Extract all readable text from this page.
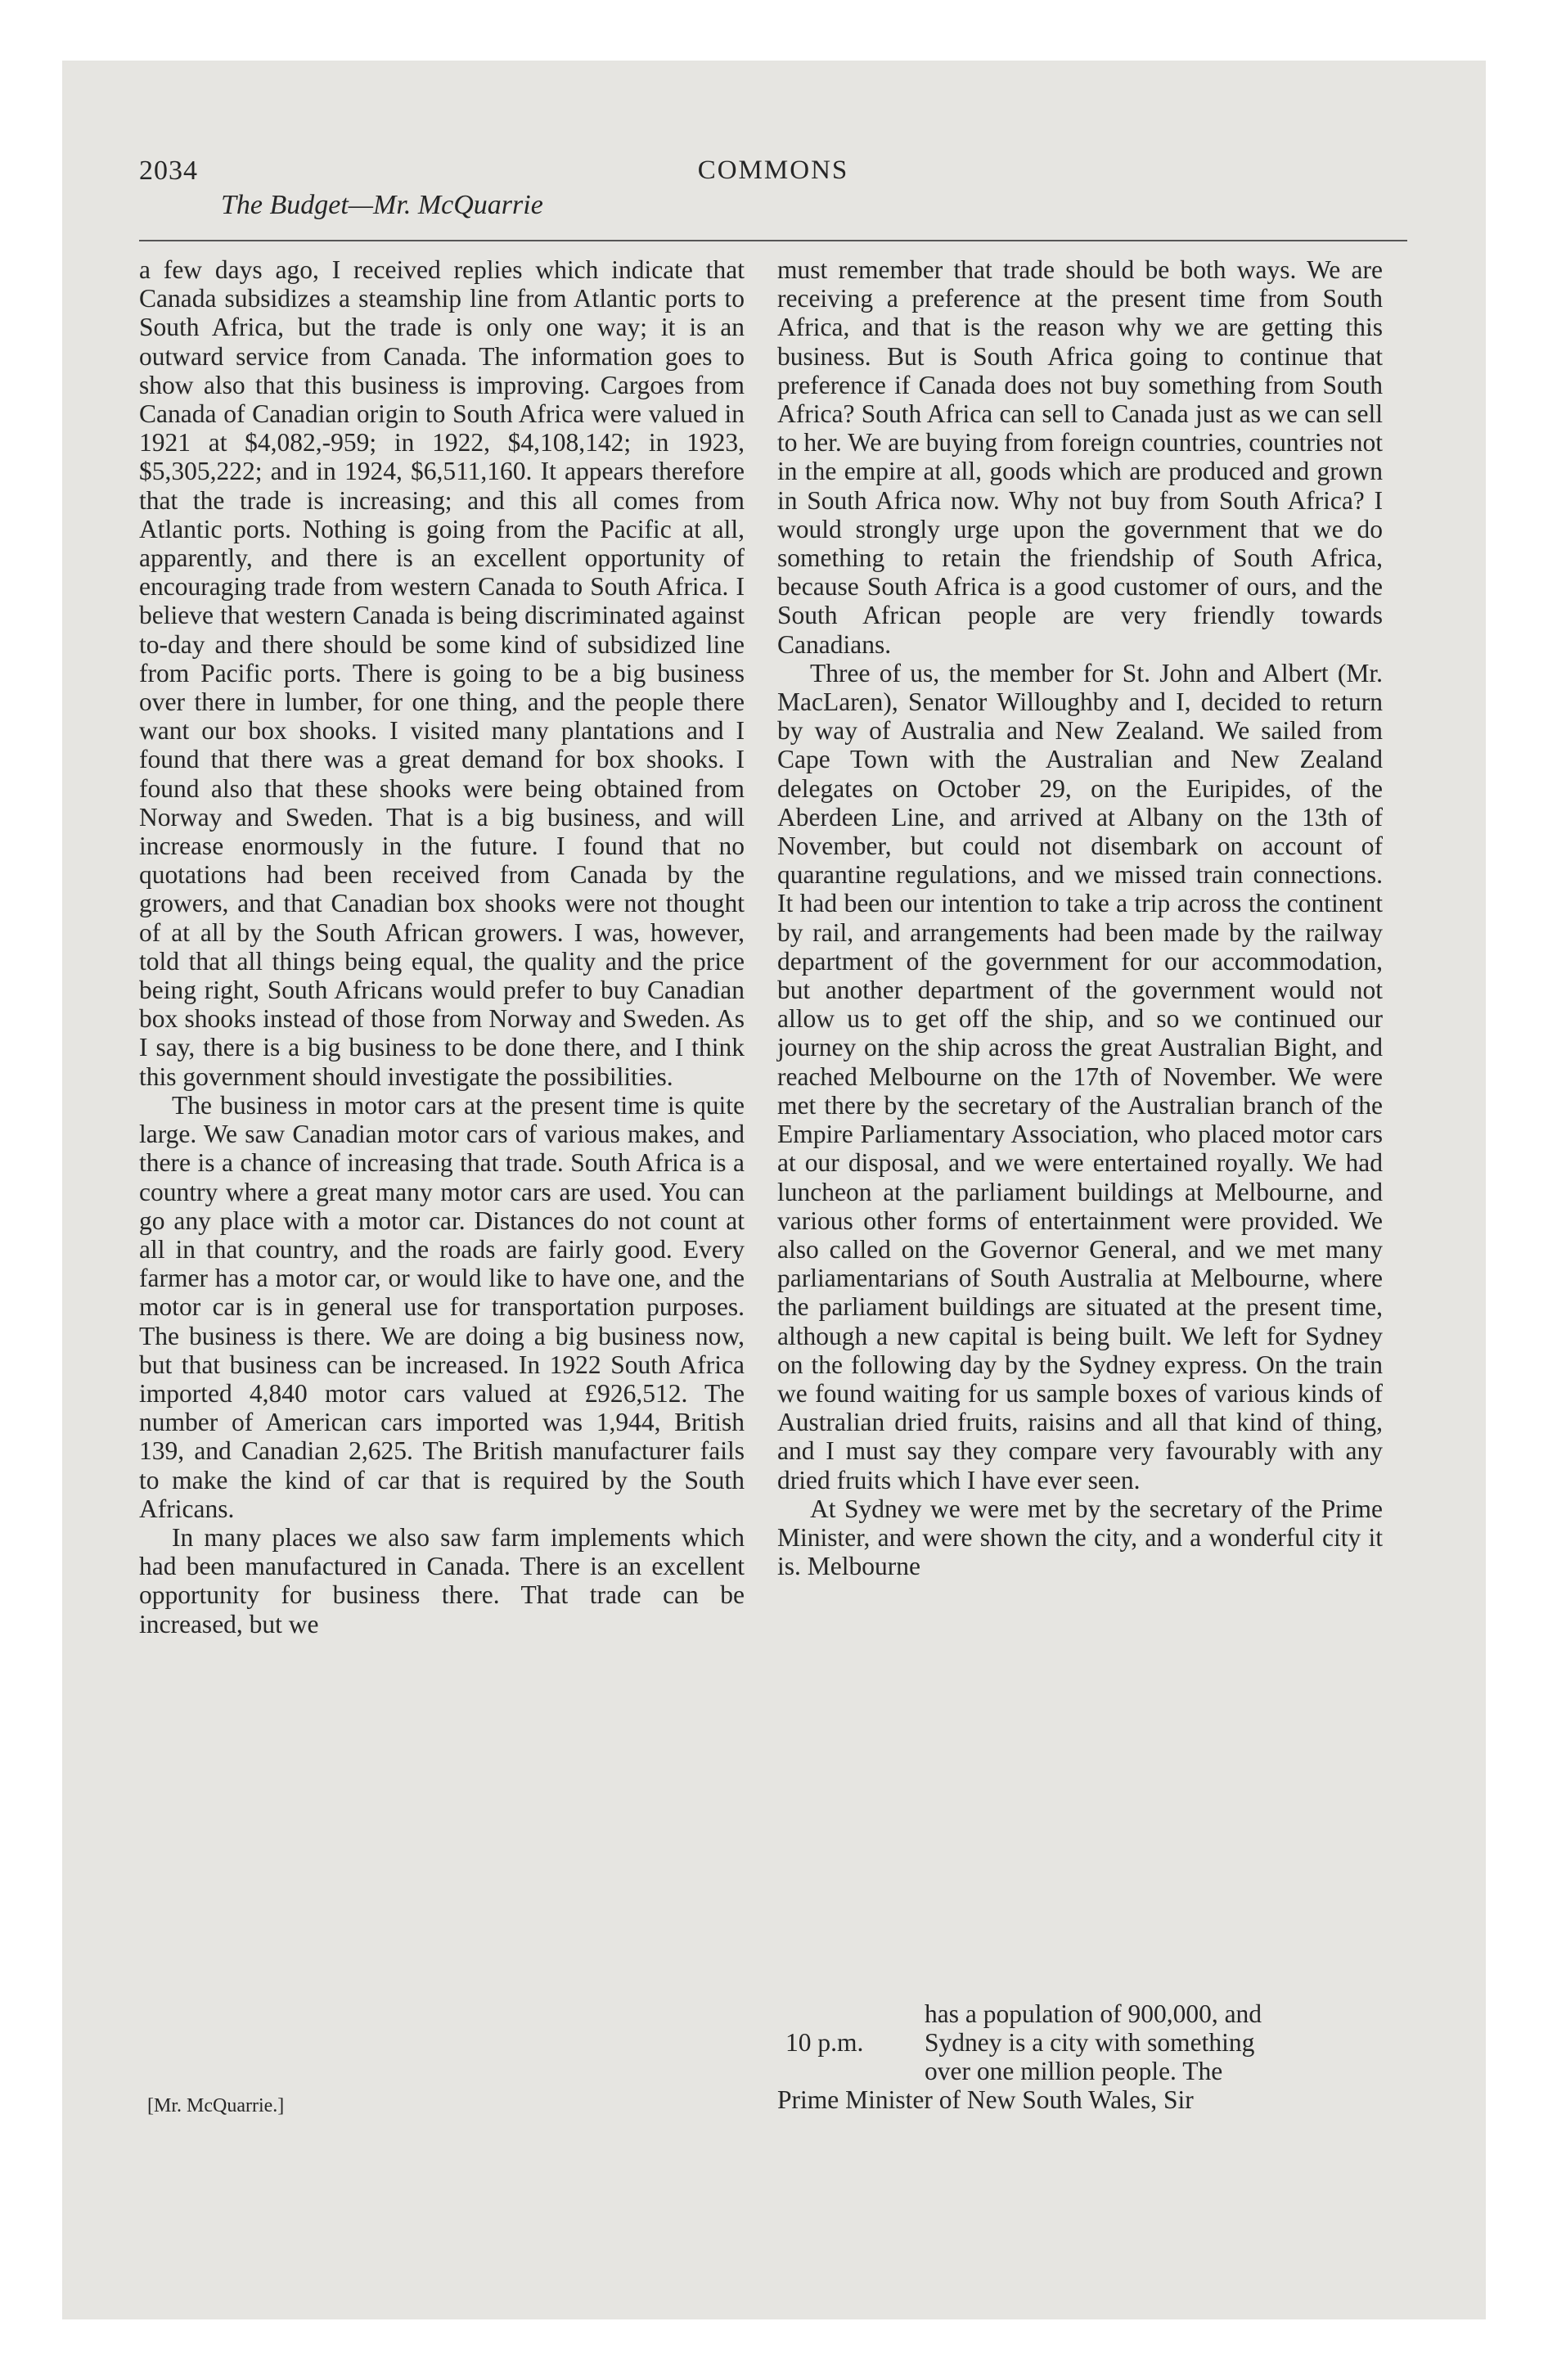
2034	COMMONS
The Budget—Mr. McQuarrie

a few days ago, I received replies which indicate that Canada subsidizes a steamship line from Atlantic ports to South Africa, but the trade is only one way; it is an outward service from Canada. The information goes to show also that this business is improving. Cargoes from Canada of Canadian origin to South Africa were valued in 1921 at $4,082,-959; in 1922, $4,108,142; in 1923, $5,305,222; and in 1924, $6,511,160. It appears therefore that the trade is increasing; and this all comes from Atlantic ports. Nothing is going from the Pacific at all, apparently, and there is an excellent opportunity of encouraging trade from western Canada to South Africa. I believe that western Canada is being discriminated against to-day and there should be some kind of subsidized line from Pacific ports. There is going to be a big business over there in lumber, for one thing, and the people there want our box shooks. I visited many plantations and I found that there was a great demand for box shooks. I found also that these shooks were being obtained from Norway and Sweden. That is a big business, and will increase enormously in the future. I found that no quotations had been received from Canada by the growers, and that Canadian box shooks were not thought of at all by the South African growers. I was, however, told that all things being equal, the quality and the price being right, South Africans would prefer to buy Canadian box shooks instead of those from Norway and Sweden. As I say, there is a big business to be done there, and I think this government should investigate the possibilities.

The business in motor cars at the present time is quite large. We saw Canadian motor cars of various makes, and there is a chance of increasing that trade. South Africa is a country where a great many motor cars are used. You can go any place with a motor car. Distances do not count at all in that country, and the roads are fairly good. Every farmer has a motor car, or would like to have one, and the motor car is in general use for transportation purposes. The business is there. We are doing a big business now, but that business can be increased. In 1922 South Africa imported 4,840 motor cars valued at £926,512. The number of American cars imported was 1,944, British 139, and Canadian 2,625. The British manufacturer fails to make the kind of car that is required by the South Africans.

In many places we also saw farm implements which had been manufactured in Canada. There is an excellent opportunity for business there. That trade can be increased, but we

[Mr. McQuarrie.]

must remember that trade should be both ways. We are receiving a preference at the present time from South Africa, and that is the reason why we are getting this business. But is South Africa going to continue that preference if Canada does not buy something from South Africa? South Africa can sell to Canada just as we can sell to her. We are buying from foreign countries, countries not in the empire at all, goods which are produced and grown in South Africa now. Why not buy from South Africa? I would strongly urge upon the government that we do something to retain the friendship of South Africa, because South Africa is a good customer of ours, and the South African people are very friendly towards Canadians.

Three of us, the member for St. John and Albert (Mr. MacLaren), Senator Willoughby and I, decided to return by way of Australia and New Zealand. We sailed from Cape Town with the Australian and New Zealand delegates on October 29, on the Euripides, of the Aberdeen Line, and arrived at Albany on the 13th of November, but could not disembark on account of quarantine regulations, and we missed train connections. It had been our intention to take a trip across the continent by rail, and arrangements had been made by the railway department of the government for our accommodation, but another department of the government would not allow us to get off the ship, and so we continued our journey on the ship across the great Australian Bight, and reached Melbourne on the 17th of November. We were met there by the secretary of the Australian branch of the Empire Parliamentary Association, who placed motor cars at our disposal, and we were entertained royally. We had luncheon at the parliament buildings at Melbourne, and various other forms of entertainment were provided. We also called on the Governor General, and we met many parliamentarians of South Australia at Melbourne, where the parliament buildings are situated at the present time, although a new capital is being built. We left for Sydney on the following day by the Sydney express. On the train we found waiting for us sample boxes of various kinds of Australian dried fruits, raisins and all that kind of thing, and I must say they compare very favourably with any dried fruits which I have ever seen.

At Sydney we were met by the secretary of the Prime Minister, and were shown the city, and a wonderful city it is. Melbourne

10 p.m.
has a population of 900,000, and
Sydney is a city with something
over one million people. The
Prime Minister of New South Wales, Sir
